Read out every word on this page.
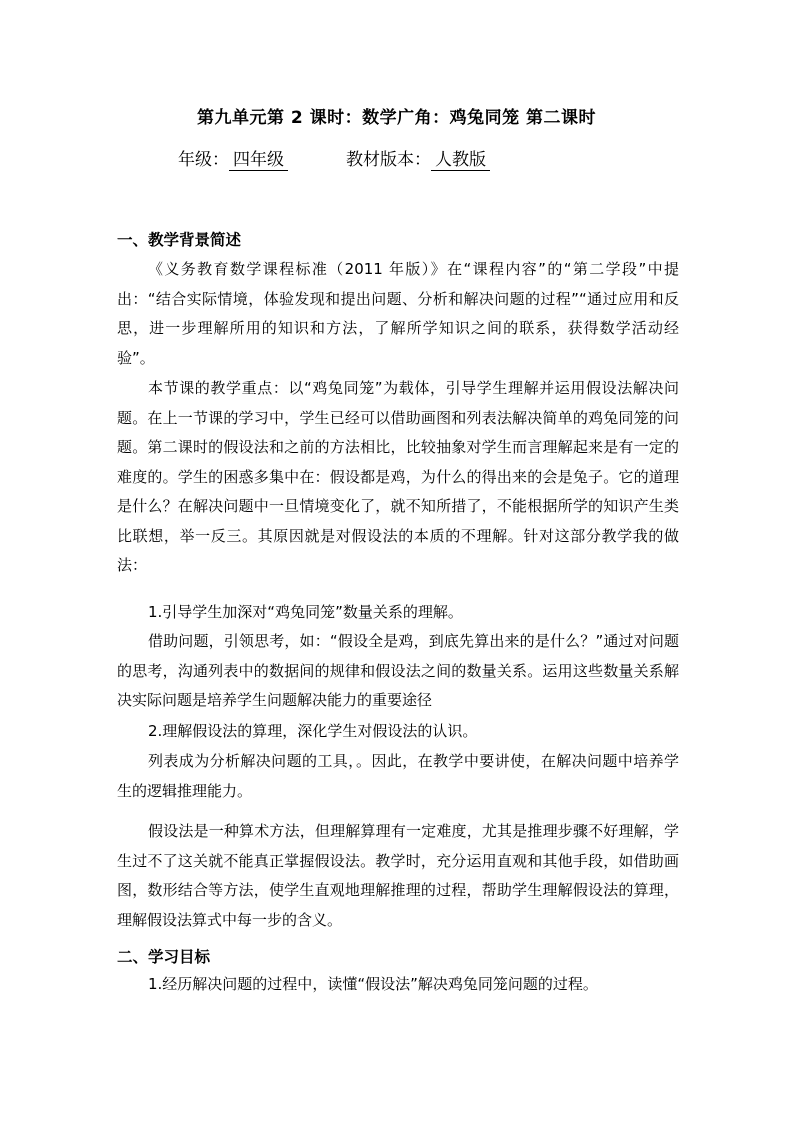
第九单元第 2 课时：数学广角：鸡兔同笼 第二课时
年级： 四年级	教材版本： 人教版
一、教学背景简述
《义务教育数学课程标准（2011 年版）》在“课程内容”的“第二学段”中提出：“结合实际情境，体验发现和提出问题、分析和解决问题的过程”“通过应用和反思，进一步理解所用的知识和方法，了解所学知识之间的联系，获得数学活动经验”。
本节课的教学重点：以“鸡兔同笼”为载体，引导学生理解并运用假设法解决问题。在上一节课的学习中，学生已经可以借助画图和列表法解决简单的鸡兔同笼的问题。第二课时的假设法和之前的方法相比，比较抽象对学生而言理解起来是有一定的难度的。学生的困惑多集中在：假设都是鸡，为什么的得出来的会是兔子。它的道理是什么？在解决问题中一旦情境变化了，就不知所措了，不能根据所学的知识产生类比联想，举一反三。其原因就是对假设法的本质的不理解。针对这部分教学我的做法：
1.引导学生加深对“鸡兔同笼”数量关系的理解。
借助问题，引领思考，如：“假设全是鸡，到底先算出来的是什么？”通过对问题的思考，沟通列表中的数据间的规律和假设法之间的数量关系。运用这些数量关系解决实际问题是培养学生问题解决能力的重要途径
2.理解假设法的算理，深化学生对假设法的认识。
列表成为分析解决问题的工具，。因此，在教学中要讲使，在解决问题中培养学生的逻辑推理能力。
假设法是一种算术方法，但理解算理有一定难度，尤其是推理步骤不好理解，学生过不了这关就不能真正掌握假设法。教学时，充分运用直观和其他手段，如借助画图，数形结合等方法，使学生直观地理解推理的过程，帮助学生理解假设法的算理，理解假设法算式中每一步的含义。
二、学习目标
1.经历解决问题的过程中，读懂“假设法”解决鸡兔同笼问题的过程。
